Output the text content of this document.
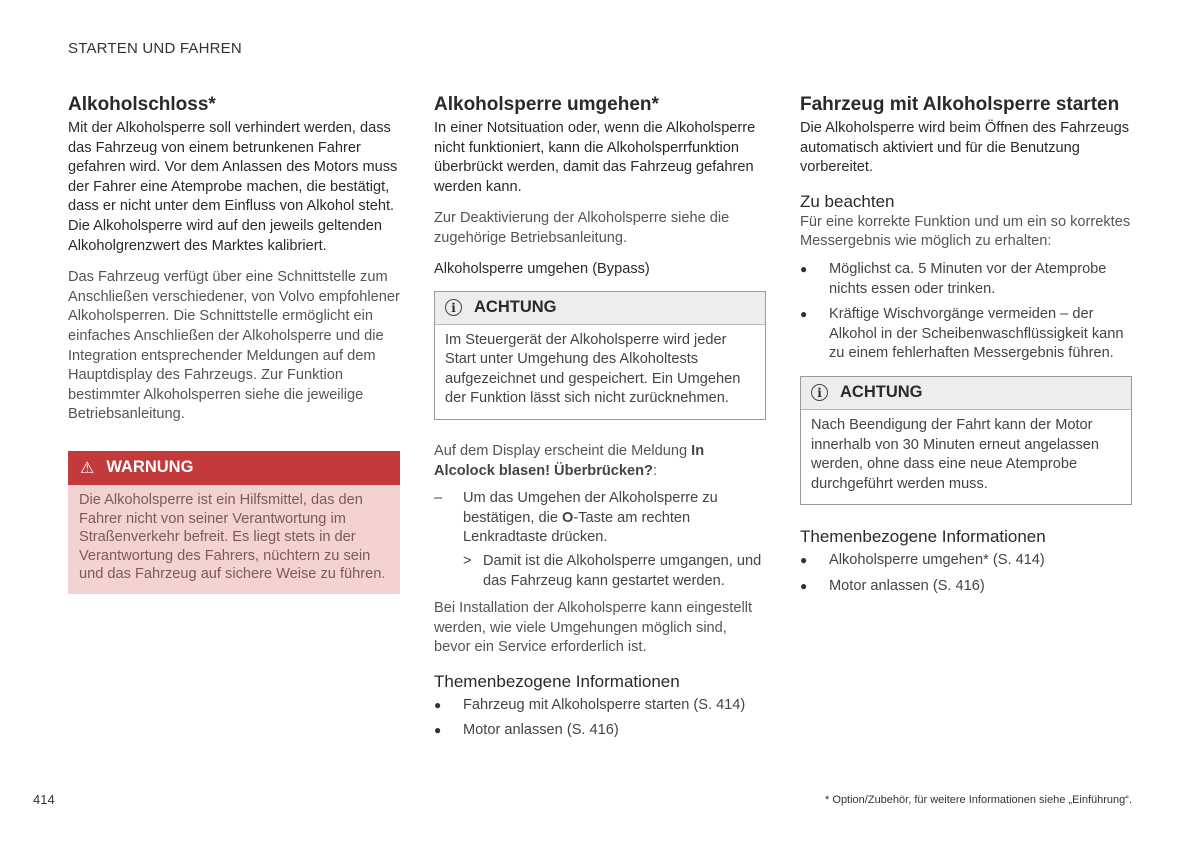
STARTEN UND FAHREN
Alkoholschloss*

Mit der Alkoholsperre soll verhindert werden, dass das Fahrzeug von einem betrunkenen Fahrer gefahren wird. Vor dem Anlassen des Motors muss der Fahrer eine Atemprobe machen, die bestätigt, dass er nicht unter dem Einfluss von Alkohol steht. Die Alkoholsperre wird auf den jeweils geltenden Alkoholgrenzwert des Marktes kalibriert.

Das Fahrzeug verfügt über eine Schnittstelle zum Anschließen verschiedener, von Volvo empfohlener Alkoholsperren. Die Schnittstelle ermöglicht ein einfaches Anschließen der Alkoholsperre und die Integration entsprechender Meldungen auf dem Hauptdisplay des Fahrzeugs. Zur Funktion bestimmter Alkoholsperren siehe die jeweilige Betriebsanleitung.

⚠ WARNUNG
Die Alkoholsperre ist ein Hilfsmittel, das den Fahrer nicht von seiner Verantwortung im Straßenverkehr befreit. Es liegt stets in der Verantwortung des Fahrers, nüchtern zu sein und das Fahrzeug auf sichere Weise zu führen.
Alkoholsperre umgehen*

In einer Notsituation oder, wenn die Alkoholsperre nicht funktioniert, kann die Alkoholsperrfunktion überbrückt werden, damit das Fahrzeug gefahren werden kann.

Zur Deaktivierung der Alkoholsperre siehe die zugehörige Betriebsanleitung.

Alkoholsperre umgehen (Bypass)
i	ACHTUNG
Im Steuergerät der Alkoholsperre wird jeder Start unter Umgehung des Alkoholtests aufgezeichnet und gespeichert. Ein Umgehen der Funktion lässt sich nicht zurücknehmen.

Auf dem Display erscheint die Meldung In Alcolock blasen! Überbrücken?:

–	Um das Umgehen der Alkoholsperre zu bestätigen, die O-Taste am rechten Lenkradtaste drücken.
> Damit ist die Alkoholsperre umgangen, und das Fahrzeug kann gestartet werden.

Bei Installation der Alkoholsperre kann eingestellt werden, wie viele Umgehungen möglich sind, bevor ein Service erforderlich ist.

Themenbezogene Informationen
●	Fahrzeug mit Alkoholsperre starten (S. 414)
●	Motor anlassen (S. 416)
Fahrzeug mit Alkoholsperre starten

Die Alkoholsperre wird beim Öffnen des Fahrzeugs automatisch aktiviert und für die Benutzung vorbereitet.

Zu beachten

Für eine korrekte Funktion und um ein so korrektes Messergebnis wie möglich zu erhalten:

●	Möglichst ca. 5 Minuten vor der Atemprobe nichts essen oder trinken.
●	Kräftige Wischvorgänge vermeiden – der Alkohol in der Scheibenwaschflüssigkeit kann zu einem fehlerhaften Messergebnis führen.
i	ACHTUNG
Nach Beendigung der Fahrt kann der Motor innerhalb von 30 Minuten erneut angelassen werden, ohne dass eine neue Atemprobe durchgeführt werden muss.
Themenbezogene Informationen
●	Alkoholsperre umgehen* (S. 414)
●	Motor anlassen (S. 416)
414	* Option/Zubehör, für weitere Informationen siehe „Einführung“.
